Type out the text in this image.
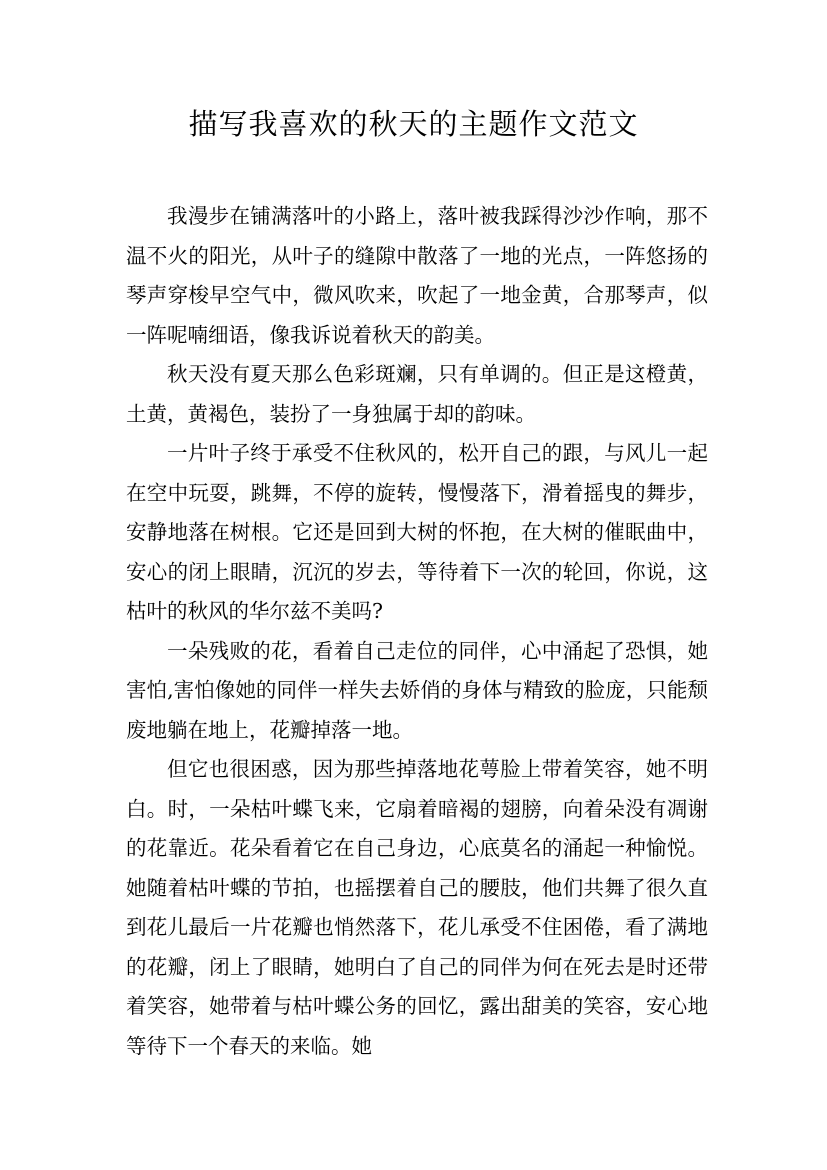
描写我喜欢的秋天的主题作文范文

我漫步在铺满落叶的小路上，落叶被我踩得沙沙作响，那不温不火的阳光，从叶子的缝隙中散落了一地的光点，一阵悠扬的琴声穿梭早空气中，微风吹来，吹起了一地金黄，合那琴声，似一阵呢喃细语，像我诉说着秋天的韵美。

秋天没有夏天那么色彩斑斓，只有单调的。但正是这橙黄，土黄，黄褐色，装扮了一身独属于却的韵味。

一片叶子终于承受不住秋风的，松开自己的跟，与风儿一起在空中玩耍，跳舞，不停的旋转，慢慢落下，滑着摇曳的舞步，安静地落在树根。它还是回到大树的怀抱，在大树的催眠曲中，安心的闭上眼睛，沉沉的岁去，等待着下一次的轮回，你说，这枯叶的秋风的华尔兹不美吗?

一朵残败的花，看着自己走位的同伴，心中涌起了恐惧，她害怕,害怕像她的同伴一样失去娇俏的身体与精致的脸庞，只能颓废地躺在地上，花瓣掉落一地。

但它也很困惑，因为那些掉落地花萼脸上带着笑容，她不明白。时，一朵枯叶蝶飞来，它扇着暗褐的翅膀，向着朵没有凋谢的花靠近。花朵看着它在自己身边，心底莫名的涌起一种愉悦。她随着枯叶蝶的节拍，也摇摆着自己的腰肢，他们共舞了很久直到花儿最后一片花瓣也悄然落下，花儿承受不住困倦，看了满地的花瓣，闭上了眼睛，她明白了自己的同伴为何在死去是时还带着笑容，她带着与枯叶蝶公务的回忆，露出甜美的笑容，安心地等待下一个春天的来临。她
